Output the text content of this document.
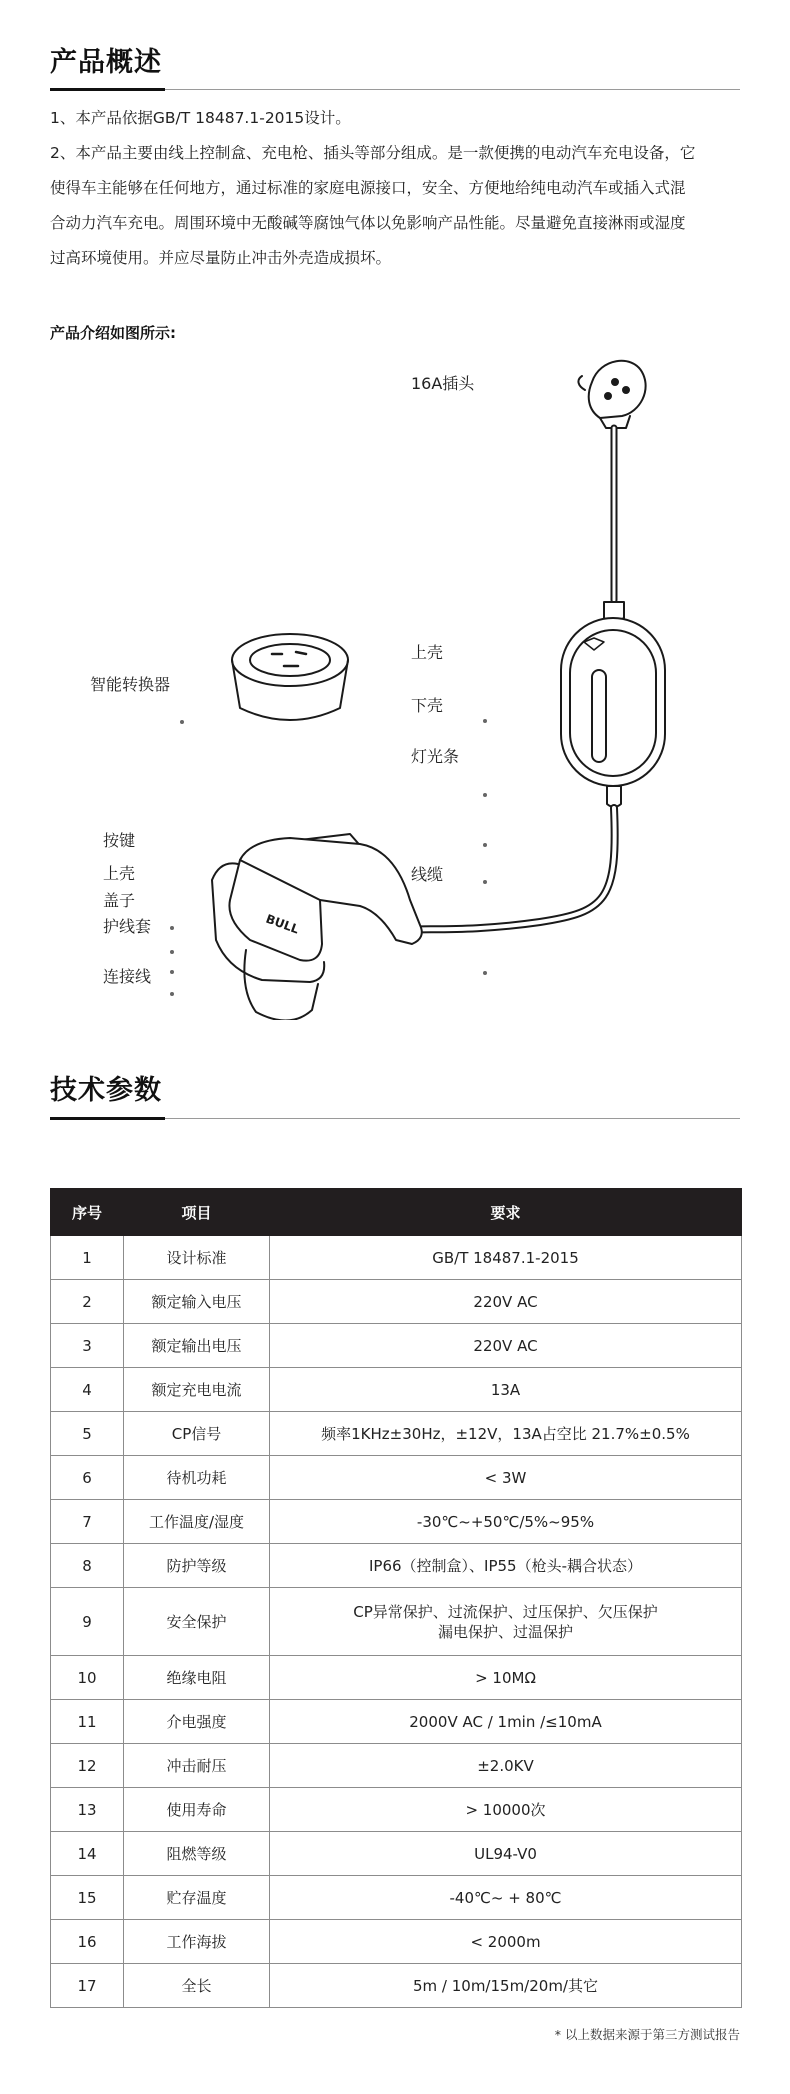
产品概述

1、本产品依据GB/T 18487.1-2015设计。

2、本产品主要由线上控制盒、充电枪、插头等部分组成。是一款便携的电动汽车充电设备，它

使得车主能够在任何地方，通过标准的家庭电源接口，安全、方便地给纯电动汽车或插入式混

合动力汽车充电。周围环境中无酸碱等腐蚀气体以免影响产品性能。尽量避免直接淋雨或湿度

过高环境使用。并应尽量防止冲击外壳造成损坏。

产品介绍如图所示:
BULL
16A插头
智能转换器
上壳
下壳
灯光条
线缆
按键
上壳
盖子
护线套
连接线
技术参数
序号	项目	要求
1	设计标准	GB/T 18487.1-2015
2	额定输入电压	220V AC
3	额定输出电压	220V AC
4	额定充电电流	13A
5	CP信号	频率1KHz±30Hz，±12V，13A占空比 21.7%±0.5%
6	待机功耗	< 3W
7	工作温度/湿度	-30℃~+50℃/5%~95%
8	防护等级	IP66（控制盒）、IP55（枪头-耦合状态）
9	安全保护	CP异常保护、过流保护、过压保护、欠压保护
漏电保护、过温保护

10	绝缘电阻	> 10MΩ
11	介电强度	2000V AC / 1min /≤10mA
12	冲击耐压	±2.0KV
13	使用寿命	> 10000次
14	阻燃等级	UL94-V0
15	贮存温度	-40℃~ + 80℃
16	工作海拔	< 2000m
17	全长	5m / 10m/15m/20m/其它
* 以上数据来源于第三方测试报告
